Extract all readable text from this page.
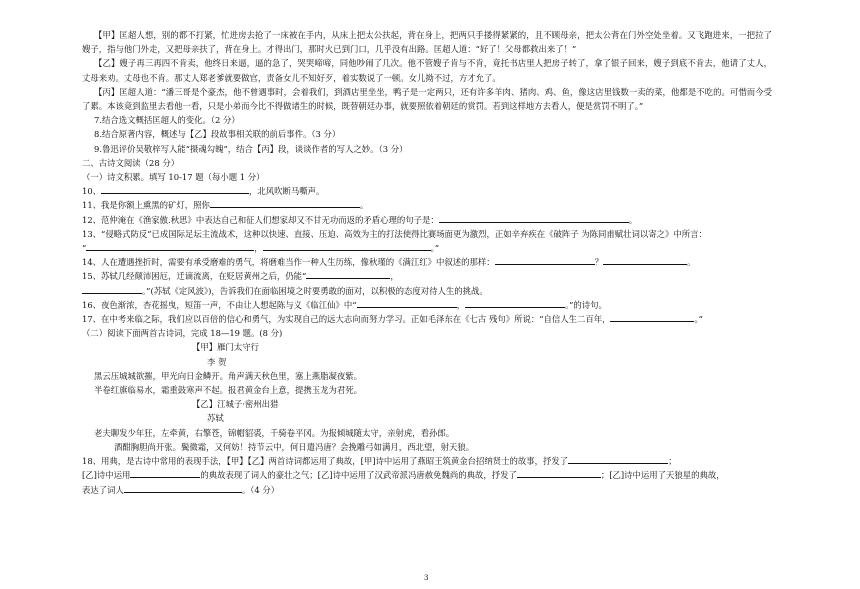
【甲】匡超人想，别的都不打紧，忙进房去抢了一床被在手内，从床上把太公扶起，背在身上，把两只手搂得紧紧的，且不顾母亲，把太公背在门外空处坐着。又飞跑进来，一把拉了嫂子，指与他门外走，又把母亲扶了，背在身上。才得出门，那时火已到门口，几乎没有出路。匡超人道：“好了！父母都救出来了！”

【乙】嫂子再三再四不肯卖，他终日来逼，逼的急了，哭哭啼啼，同他吵闹了几次。他不管嫂子肯与不肯，竟托书店里人把房子转了，拿了银子回来，嫂子到底不肯去，他请了丈人，丈母来劝。丈母也不肯。那丈人郑老爹就要做官，责备女儿不知好歹，着实数说了一顿。女儿拗不过，方才允了。

【丙】匡超人道：“潘三哥是个豪杰，他不曾遇事时，会着我们，到酒店里坐坐，鸭子是一定两只，还有许多羊肉、猪肉、鸡、鱼，像这店里钱数一卖的菜，他都是不吃的。可惜而今受了累。本该竟到监里去看他一看，只是小弟而今比不得做诸生的时候，既替朝廷办事，就要照依着朝廷的赏罚。若到这样地方去看人，便是赏罚不明了。”

7.结合选文概括匡超人的变化。（2 分）

8.结合原著内容，概述与【乙】段故事相关联的前后事件。（3 分）

9.鲁迅评价吴敬梓写人能“摄魂勾魄”，结合【丙】段，谈谈作者的写人之妙。（3 分）

二、古诗文阅读（28 分）

（一）诗文积累。填写 10-17 题（每小题 1 分）

10、	，北风吹断马嘶声。

11、我是你额上熏黑的矿灯，照你	。

12、范仲淹在《渔家傲.秋思》中表达自己和征人们想家却又不甘无功而返的矛盾心理的句子是：	。

13、“侵略式防反”已成国际足坛主流战术，这种以快速、直接、压迫、高效为主的打法使得比赛场面更为激烈，正如辛弃疾在《破阵子 为陈同甫赋壮词以寄之》中所言：

“	，	。”

14、人在遭遇挫折时，需要有承受磨难的勇气，将磨难当作一种人生历练，像秋瑾的《满江红》中叙述的那样：	？	。

15、苏轼几经颠沛困厄，迁谪流离，在贬居黄州之后，仍能“	，

。”(苏轼《定风波》)，告诉我们在面临困境之时要勇敢的面对，以积极的态度对待人生的挑战。

16、夜色渐浓，杏花摇曳，短笛一声，不由让人想起陈与义《临江仙》中“	，	。”的诗句。

17、在中考来临之际，我们应以百倍的信心和勇气，为实现自己的远大志向而努力学习。正如毛泽东在《七古 残句》所说：“自信人生二百年，	。”

（二）阅读下面两首古诗词，完成 18—19 题。(8 分)

【甲】雁门太守行

李 贺

黑云压城城欲摧，甲光向日金鳞开。角声满天秋色里，塞上燕脂凝夜紫。

半卷红旗临易水，霜重鼓寒声不起。报君黄金台上意，提携玉龙为君死。

【乙】江城子·密州出猎

苏轼

老夫聊发少年狂，左牵黄，右擎苍，锦帽貂裘，千骑卷平冈。为报倾城随太守，亲射虎，看孙郎。

酒酣胸胆尚开张。鬓微霜，又何妨！持节云中，何日遣冯唐？会挽雕弓如满月，西北望，射天狼。

18、用典，是古诗中常用的表现手法，【甲】【乙】两首诗词都运用了典故，[甲]诗中运用了燕昭王筑黄金台招纳贤士的故事，抒发了	；

[乙]诗中运用	的典故表现了词人的豪壮之气；[乙]诗中运用了汉武帝派冯唐赦免魏尚的典故，抒发了	；[乙]诗中运用了天狼星的典故，

表达了词人	。（4 分）

3
